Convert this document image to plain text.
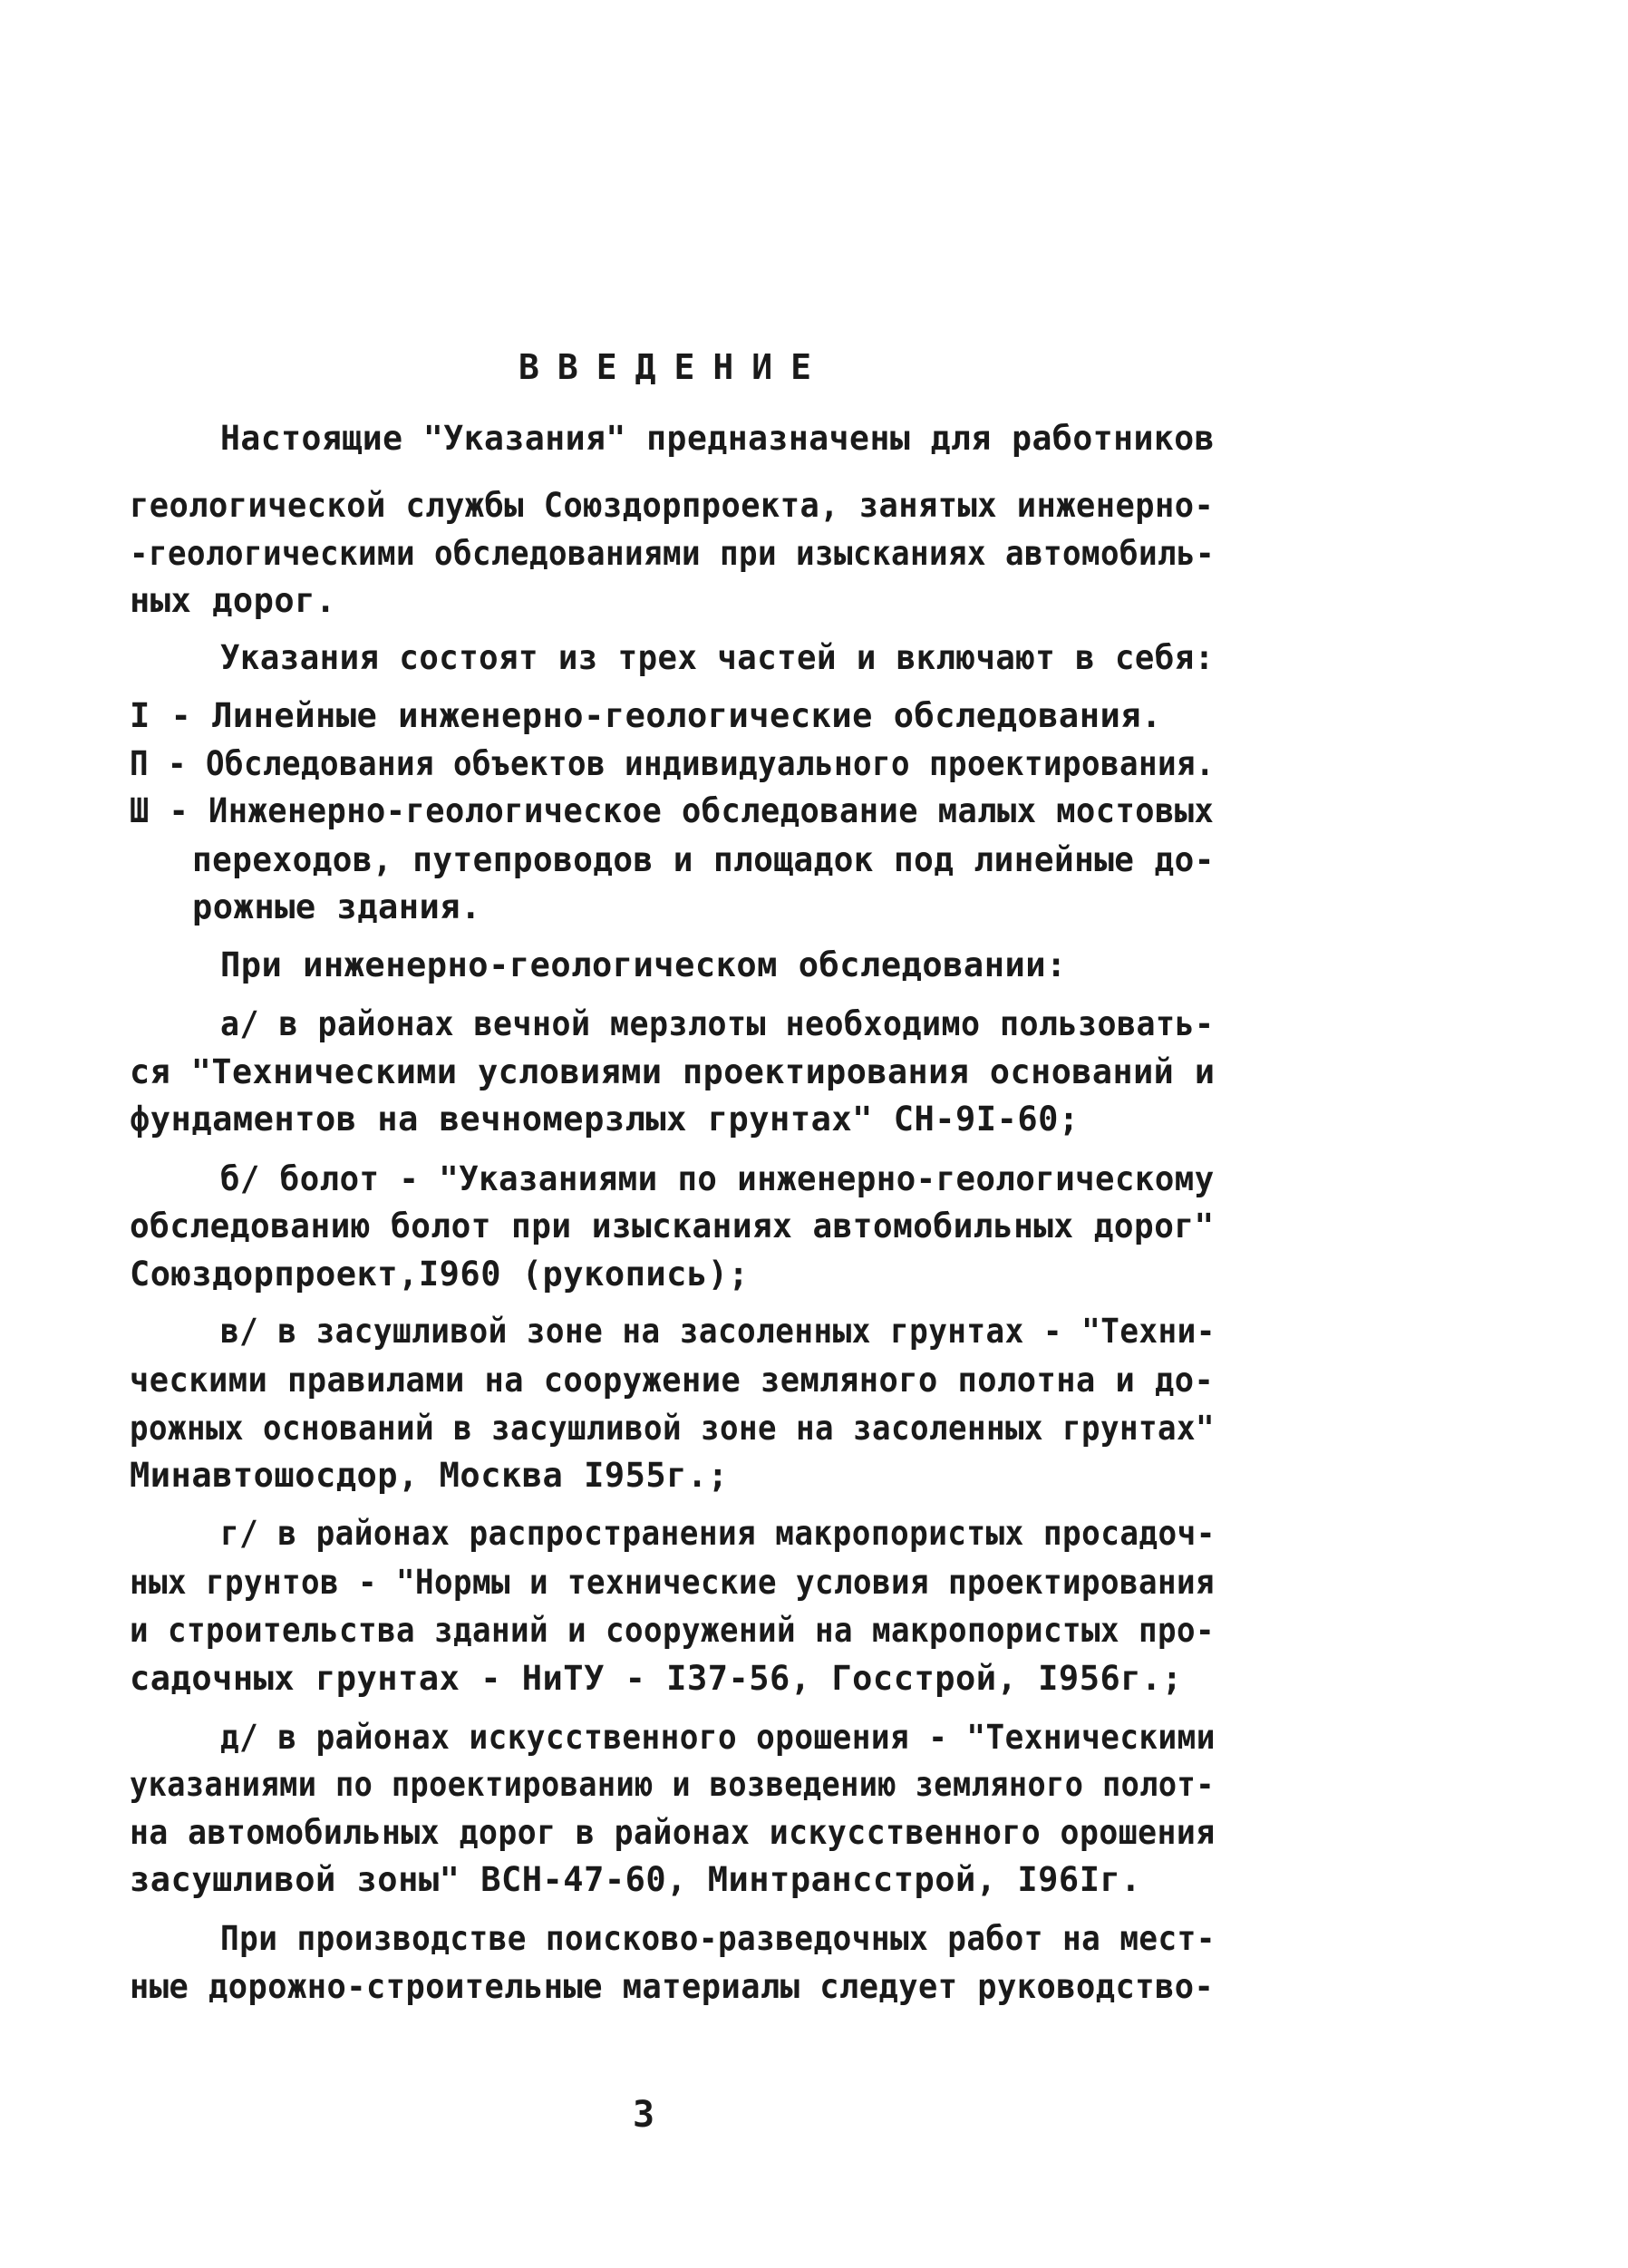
ВВЕДЕНИЕ
Настоящие "Указания" предназначены для работников
геологической службы Союздорпроекта, занятых инженерно-
-геологическими обследованиями при изысканиях автомобиль-
ных дорог.
Указания состоят из трех частей и включают в себя:
I - Линейные инженерно-геологические обследования.
П - Обследования объектов индивидуального проектирования.
Ш - Инженерно-геологическое обследование малых мостовых
переходов, путепроводов и площадок под линейные до-
рожные здания.
При инженерно-геологическом обследовании:
а/ в районах вечной мерзлоты необходимо пользовать-
ся "Техническими условиями проектирования оснований и
фундаментов на вечномерзлых грунтах" СН-9I-60;
б/ болот - "Указаниями по инженерно-геологическому
обследованию болот при изысканиях автомобильных дорог"
Союздорпроект,I960 (рукопись);
в/ в засушливой зоне на засоленных грунтах - "Техни-
ческими правилами на сооружение земляного полотна и до-
рожных оснований в засушливой зоне на засоленных грунтах"
Минавтошосдор, Москва I955г.;
г/ в районах распространения макропористых просадоч-
ных грунтов - "Нормы и технические условия проектирования
и строительства зданий и сооружений на макропористых про-
садочных грунтах - НиТУ - I37-56, Госстрой, I956г.;
д/ в районах искусственного орошения - "Техническими
указаниями по проектированию и возведению земляного полот-
на автомобильных дорог в районах искусственного орошения
засушливой зоны" ВСН-47-60, Минтрансстрой, I96Iг.
При производстве поисково-разведочных работ на мест-
ные дорожно-строительные материалы следует руководство-
3
